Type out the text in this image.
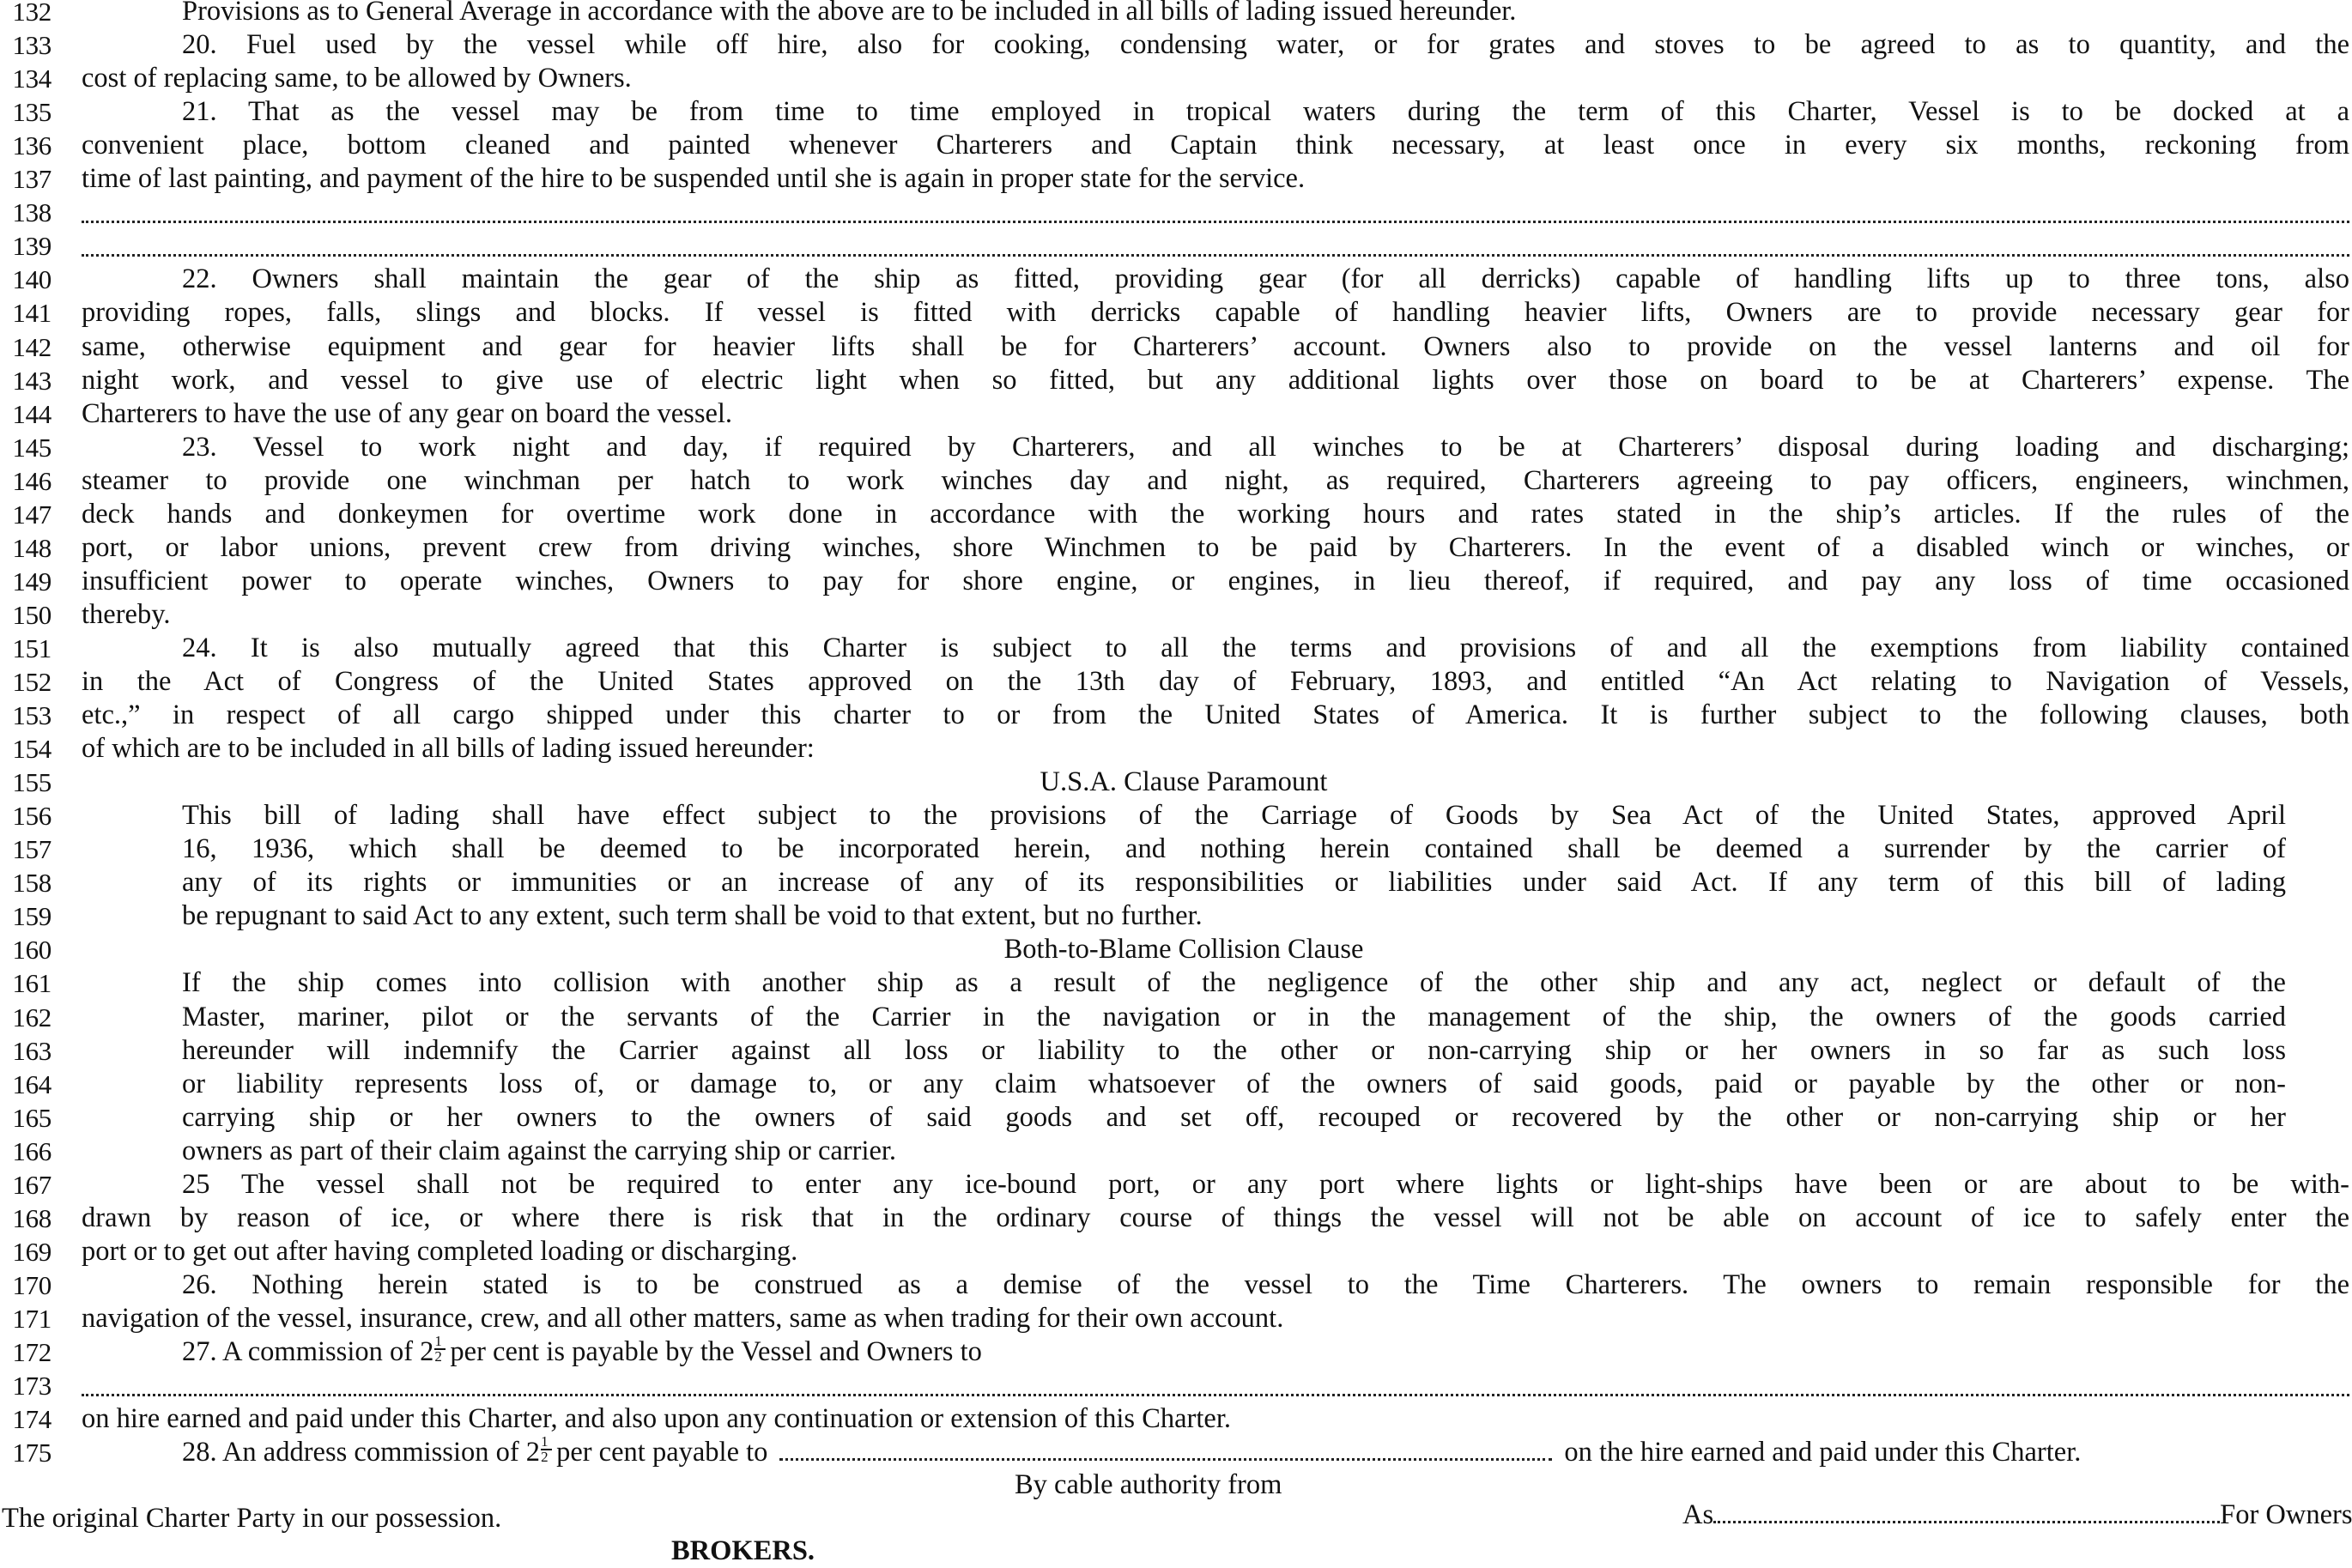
132	Provisions as to General Average in accordance with the above are to be included in all bills of lading issued hereunder.
133	20. Fuel used by the vessel while off hire, also for cooking, condensing water, or for grates and stoves to be agreed to as to quantity, and the
134 cost of replacing same, to be allowed by Owners.
135	21. That as the vessel may be from time to time employed in tropical waters during the term of this Charter, Vessel is to be docked at a
136 convenient place, bottom cleaned and painted whenever Charterers and Captain think necessary, at least once in every six months, reckoning from
137 time of last painting, and payment of the hire to be suspended until she is again in proper state for the service.
138
139
140	22. Owners shall maintain the gear of the ship as fitted, providing gear (for all derricks) capable of handling lifts up to three tons, also
141 providing ropes, falls, slings and blocks. If vessel is fitted with derricks capable of handling heavier lifts, Owners are to provide necessary gear for
142 same, otherwise equipment and gear for heavier lifts shall be for Charterers’ account. Owners also to provide on the vessel lanterns and oil for
143 night work, and vessel to give use of electric light when so fitted, but any additional lights over those on board to be at Charterers’ expense. The
144 Charterers to have the use of any gear on board the vessel.
145	23. Vessel to work night and day, if required by Charterers, and all winches to be at Charterers’ disposal during loading and discharging;
146 steamer to provide one winchman per hatch to work winches day and night, as required, Charterers agreeing to pay officers, engineers, winchmen,
147 deck hands and donkeymen for overtime work done in accordance with the working hours and rates stated in the ship’s articles. If the rules of the
148 port, or labor unions, prevent crew from driving winches, shore Winchmen to be paid by Charterers. In the event of a disabled winch or winches, or
149 insufficient power to operate winches, Owners to pay for shore engine, or engines, in lieu thereof, if required, and pay any loss of time occasioned
150 thereby.
151	24. It is also mutually agreed that this Charter is subject to all the terms and provisions of and all the exemptions from liability contained
152 in the Act of Congress of the United States approved on the 13th day of February, 1893, and entitled “An Act relating to Navigation of Vessels,
153 etc.,” in respect of all cargo shipped under this charter to or from the United States of America. It is further subject to the following clauses, both
154 of which are to be included in all bills of lading issued hereunder:
155	U.S.A. Clause Paramount
156	This bill of lading shall have effect subject to the provisions of the Carriage of Goods by Sea Act of the United States, approved April
157	16, 1936, which shall be deemed to be incorporated herein, and nothing herein contained shall be deemed a surrender by the carrier of
158	any of its rights or immunities or an increase of any of its responsibilities or liabilities under said Act. If any term of this bill of lading
159	be repugnant to said Act to any extent, such term shall be void to that extent, but no further.
160	Both-to-Blame Collision Clause
161	If the ship comes into collision with another ship as a result of the negligence of the other ship and any act, neglect or default of the
162	Master, mariner, pilot or the servants of the Carrier in the navigation or in the management of the ship, the owners of the goods carried
163	hereunder will indemnify the Carrier against all loss or liability to the other or non-carrying ship or her owners in so far as such loss
164	or liability represents loss of, or damage to, or any claim whatsoever of the owners of said goods, paid or payable by the other or non-
165	carrying ship or her owners to the owners of said goods and set off, recouped or recovered by the other or non-carrying ship or her
166	owners as part of their claim against the carrying ship or carrier.
167	25 The vessel shall not be required to enter any ice-bound port, or any port where lights or light-ships have been or are about to be with-
168 drawn by reason of ice, or where there is risk that in the ordinary course of things the vessel will not be able on account of ice to safely enter the
169 port or to get out after having completed loading or discharging.
170	26. Nothing herein stated is to be construed as a demise of the vessel to the Time Charterers. The owners to remain responsible for the
171 navigation of the vessel, insurance, crew, and all other matters, same as when trading for their own account.
172	27. A commission of $2 \frac{1}{2}$ per cent is payable by the Vessel and Owners to
173
174 on hire earned and paid under this Charter, and also upon any continuation or extension of this Charter.
175	28. An address commission of $2 \frac{1}{2}$ per cent payable to	on the hire earned and paid under this Charter.
By cable authority from
The original Charter Party in our possession.	As	For Owners
BROKERS.
